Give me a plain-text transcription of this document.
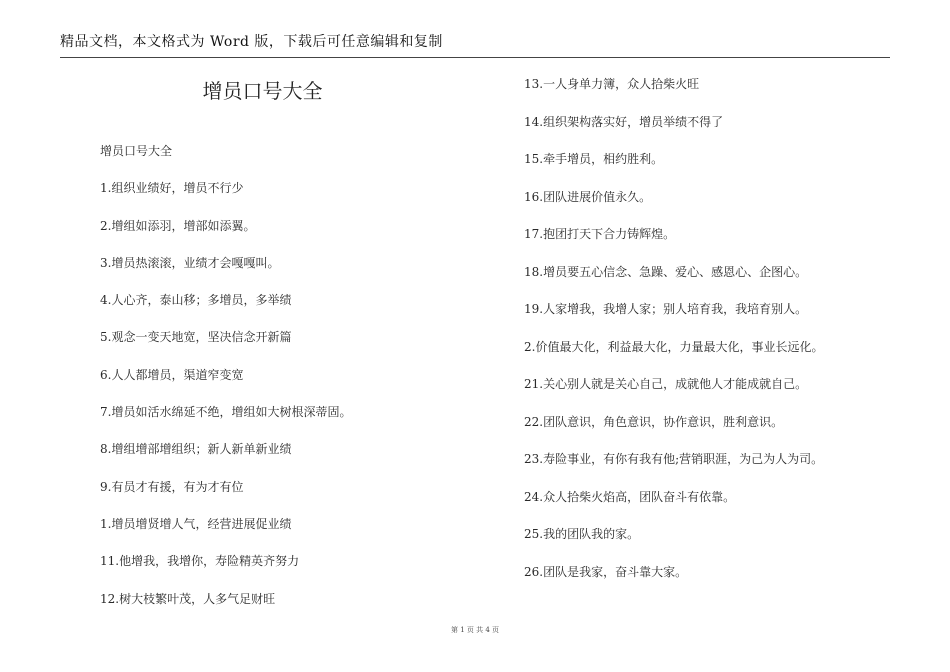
精品文档，本文格式为 Word 版，下载后可任意编辑和复制
增员口号大全
增员口号大全
1.组织业绩好，增员不行少
2.增组如添羽，增部如添翼。
3.增员热滚滚，业绩才会嘎嘎叫。
4.人心齐，泰山移；多增员，多举绩
5.观念一变天地宽，坚决信念开新篇
6.人人都增员，渠道窄变宽
7.增员如活水绵延不绝，增组如大树根深蒂固。
8.增组增部增组织；新人新单新业绩
9.有员才有援，有为才有位
1.增员增贤增人气，经营进展促业绩
11.他增我，我增你，寿险精英齐努力
12.树大枝繁叶茂，人多气足财旺
13.一人身单力簿，众人拾柴火旺
14.组织架构落实好，增员举绩不得了
15.牵手增员，相约胜利。
16.团队进展价值永久。
17.抱团打天下合力铸辉煌。
18.增员要五心信念、急躁、爱心、感恩心、企图心。
19.人家增我，我增人家；别人培育我，我培育别人。
2.价值最大化，利益最大化，力量最大化，事业长远化。
21.关心别人就是关心自己，成就他人才能成就自己。
22.团队意识，角色意识，协作意识，胜利意识。
23.寿险事业，有你有我有他;营销职涯，为己为人为司。
24.众人拾柴火焰高，团队奋斗有依靠。
25.我的团队我的家。
26.团队是我家，奋斗靠大家。
第 1 页 共 4 页
